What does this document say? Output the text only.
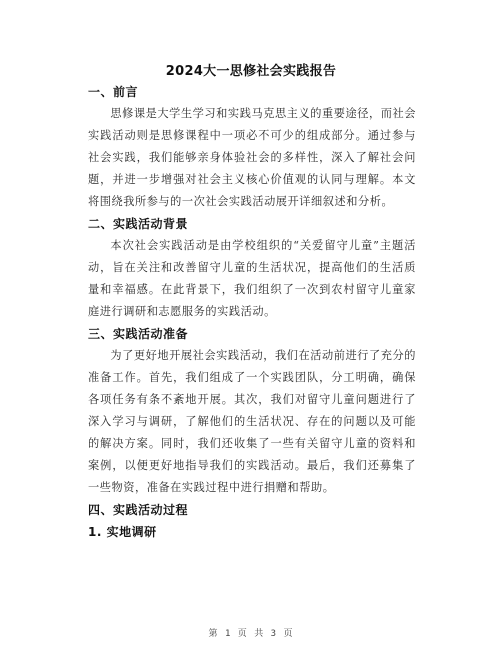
2024大一思修社会实践报告
一、前言

思修课是大学生学习和实践马克思主义的重要途径，而社会实践活动则是思修课程中一项必不可少的组成部分。通过参与社会实践，我们能够亲身体验社会的多样性，深入了解社会问题，并进一步增强对社会主义核心价值观的认同与理解。本文将围绕我所参与的一次社会实践活动展开详细叙述和分析。

二、实践活动背景

本次社会实践活动是由学校组织的“关爱留守儿童”主题活动，旨在关注和改善留守儿童的生活状况，提高他们的生活质量和幸福感。在此背景下，我们组织了一次到农村留守儿童家庭进行调研和志愿服务的实践活动。

三、实践活动准备

为了更好地开展社会实践活动，我们在活动前进行了充分的准备工作。首先，我们组成了一个实践团队，分工明确，确保各项任务有条不紊地开展。其次，我们对留守儿童问题进行了深入学习与调研，了解他们的生活状况、存在的问题以及可能的解决方案。同时，我们还收集了一些有关留守儿童的资料和案例，以便更好地指导我们的实践活动。最后，我们还募集了一些物资，准备在实践过程中进行捐赠和帮助。

四、实践活动过程
1. 实地调研
第 1 页 共 3 页
